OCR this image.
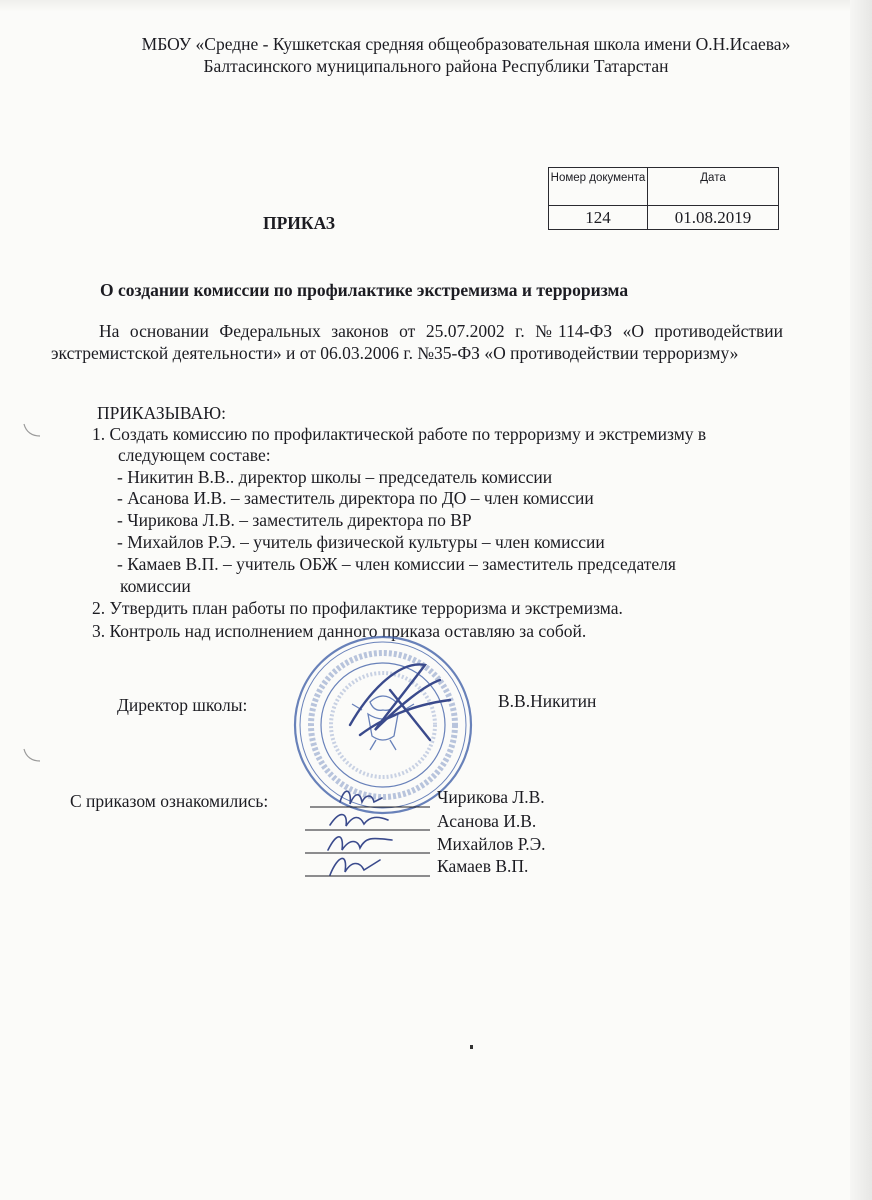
МБОУ «Средне - Кушкетская средняя общеобразовательная школа имени О.Н.Исаева»
Балтасинского муниципального района Республики Татарстан
Номер документа	Дата
124	01.08.2019
ПРИКАЗ
О создании комиссии по профилактике экстремизма и терроризма

На основании Федеральных законов от 25.07.2002 г. №114-ФЗ «О противодействии экстремистской деятельности» и от 06.03.2006 г. №35-ФЗ «О противодействии терроризму»

ПРИКАЗЫВАЮ:
1. Создать комиссию по профилактической работе по терроризму и экстремизму в
следующем составе:
- Никитин В.В.. директор школы – председатель комиссии
- Асанова И.В. – заместитель директора по ДО – член комиссии
- Чирикова Л.В. – заместитель директора по ВР
- Михайлов Р.Э. – учитель физической культуры – член комиссии
- Камаев В.П. – учитель ОБЖ – член комиссии – заместитель председателя
комиссии
2. Утвердить план работы по профилактике терроризма и экстремизма.
3. Контроль над исполнением данного приказа оставляю за собой.
Директор школы:	В.В.Никитин
С приказом ознакомились:	Чирикова Л.В.
Асанова И.В.
Михайлов Р.Э.
Камаев В.П.
